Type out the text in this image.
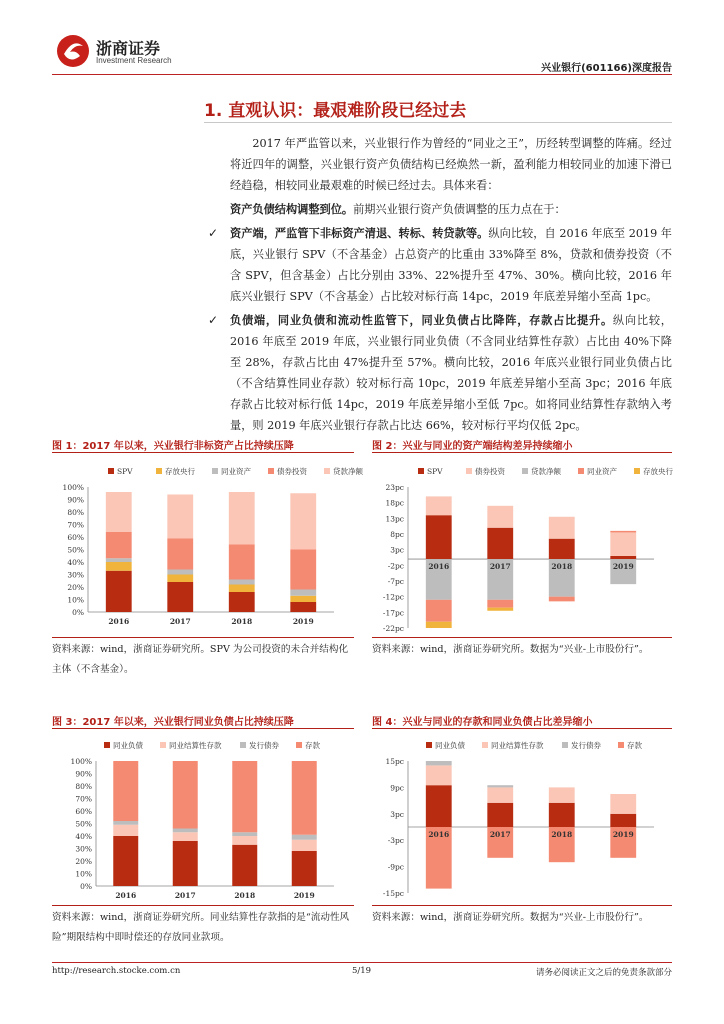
浙商证券
Investment Research
兴业银行(601166)深度报告
1. 直观认识：最艰难阶段已经过去
2017 年严监管以来，兴业银行作为曾经的“同业之王”，历经转型调整的阵痛。经过将近四年的调整，兴业银行资产负债结构已经焕然一新，盈利能力相较同业的加速下滑已经趋稳，相较同业最艰难的时候已经过去。具体来看：
资产负债结构调整到位。前期兴业银行资产负债调整的压力点在于：
✓ 资产端，严监管下非标资产清退、转标、转贷款等。纵向比较，自 2016 年底至 2019 年底，兴业银行 SPV（不含基金）占总资产的比重由 33%降至 8%，贷款和债券投资（不含 SPV，但含基金）占比分别由 33%、22%提升至 47%、30%。横向比较，2016 年底兴业银行 SPV（不含基金）占比较对标行高 14pc，2019 年底差异缩小至高 1pc。
✓ 负债端，同业负债和流动性监管下，同业负债占比降阵，存款占比提升。纵向比较，2016 年底至 2019 年底，兴业银行同业负债（不含同业结算性存款）占比由 40%下降至 28%，存款占比由 47%提升至 57%。横向比较，2016 年底兴业银行同业负债占比（不含结算性同业存款）较对标行高 10pc，2019 年底差异缩小至高 3pc；2016 年底存款占比较对标行低 14pc，2019 年底差异缩小至低 7pc。如将同业结算性存款纳入考量，则 2019 年底兴业银行存款占比达 66%，较对标行平均仅低 2pc。
图 1：2017 年以来，兴业银行非标资产占比持续压降	图 2：兴业与同业的资产端结构差异持续缩小
SPV	存放央行	同业资产	债券投资	贷款净额
0%
10%
20%
30%
40%
50%
60%
70%
80%
90%
100%
2016	2017	2018	2019
SPV	债券投资	贷款净额	同业资产	存放央行
-22pc
-17pc
-12pc
-7pc
-2pc
3pc
8pc
13pc
18pc
23pc
2016	2017	2018	2019
资料来源：wind，浙商证券研究所。SPV 为公司投资的未合并结构化主体（不含基金）。
资料来源：wind，浙商证券研究所。数据为“兴业-上市股份行”。
图 3：2017 年以来，兴业银行同业负债占比持续压降	图 4：兴业与同业的存款和同业负债占比差异缩小
同业负债	同业结算性存款	发行债券	存款
0%
10%
20%
30%
40%
50%
60%
70%
80%
90%
100%
2016	2017	2018	2019
同业负债	同业结算性存款	发行债券	存款
-15pc
-9pc
-3pc
3pc
9pc
15pc
2016	2017	2018	2019
资料来源：wind，浙商证券研究所。同业结算性存款指的是“流动性风险”期限结构中即时偿还的存放同业款项。
资料来源：wind，浙商证券研究所。数据为“兴业-上市股份行”。
http://research.stocke.com.cn	5/19	请务必阅读正文之后的免责条款部分
